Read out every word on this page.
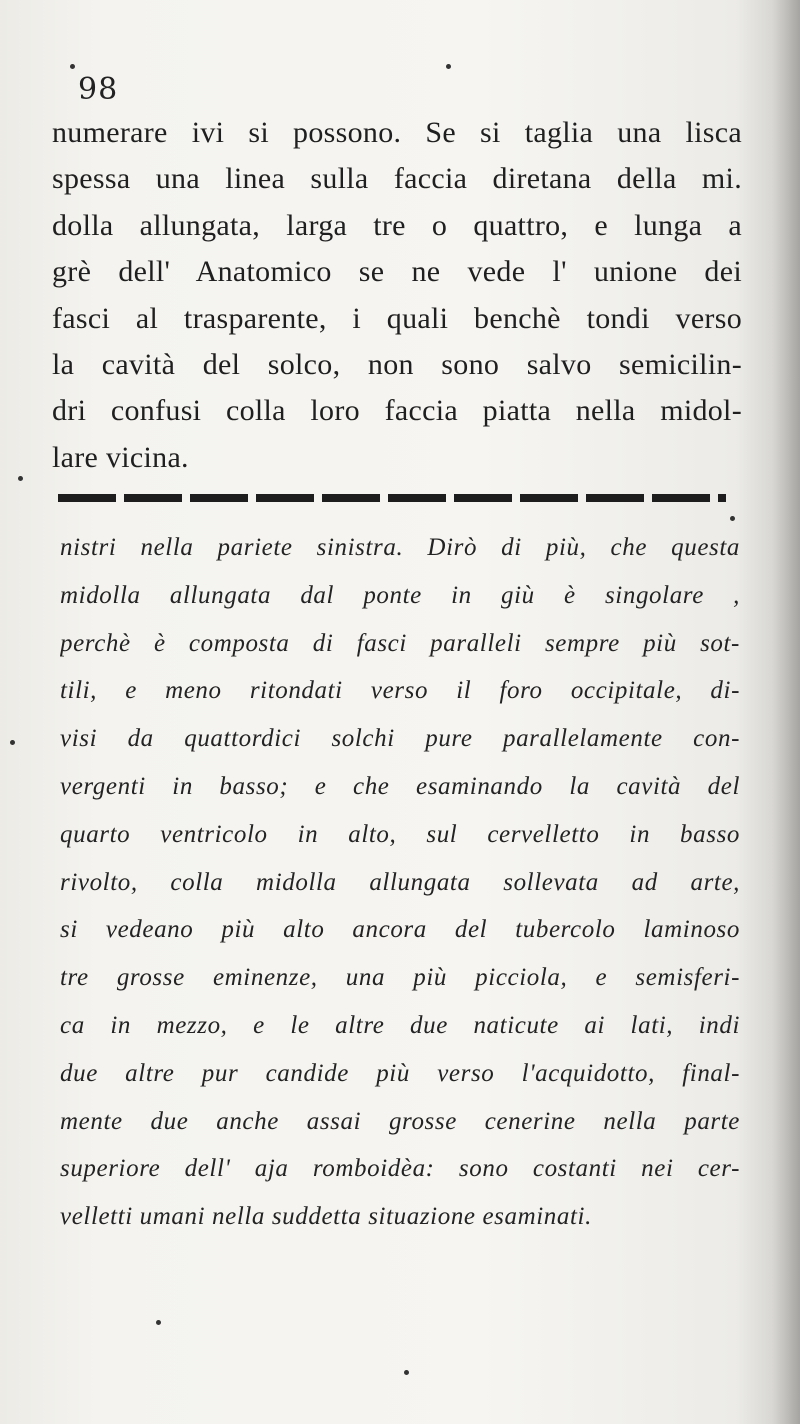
98
numerare ivi si possono. Se si taglia una lisca
spessa una linea sulla faccia diretana della mi.
dolla allungata, larga tre o quattro, e lunga a
grè dell' Anatomico se ne vede l' unione dei
fasci al trasparente, i quali benchè tondi verso
la cavità del solco, non sono salvo semicilin-
dri confusi colla loro faccia piatta nella midol-
lare vicina.
nistri nella pariete sinistra. Dirò di più, che questa
midolla allungata dal ponte in giù è singolare ,
perchè è composta di fasci paralleli sempre più sot-
tili, e meno ritondati verso il foro occipitale, di-
visi da quattordici solchi pure parallelamente con-
vergenti in basso; e che esaminando la cavità del
quarto ventricolo in alto, sul cervelletto in basso
rivolto, colla midolla allungata sollevata ad arte,
si vedeano più alto ancora del tubercolo laminoso
tre grosse eminenze, una più picciola, e semisferi-
ca in mezzo, e le altre due naticute ai lati, indi
due altre pur candide più verso l'acquidotto, final-
mente due anche assai grosse cenerine nella parte
superiore dell' aja romboidèa: sono costanti nei cer-
velletti umani nella suddetta situazione esaminati.
